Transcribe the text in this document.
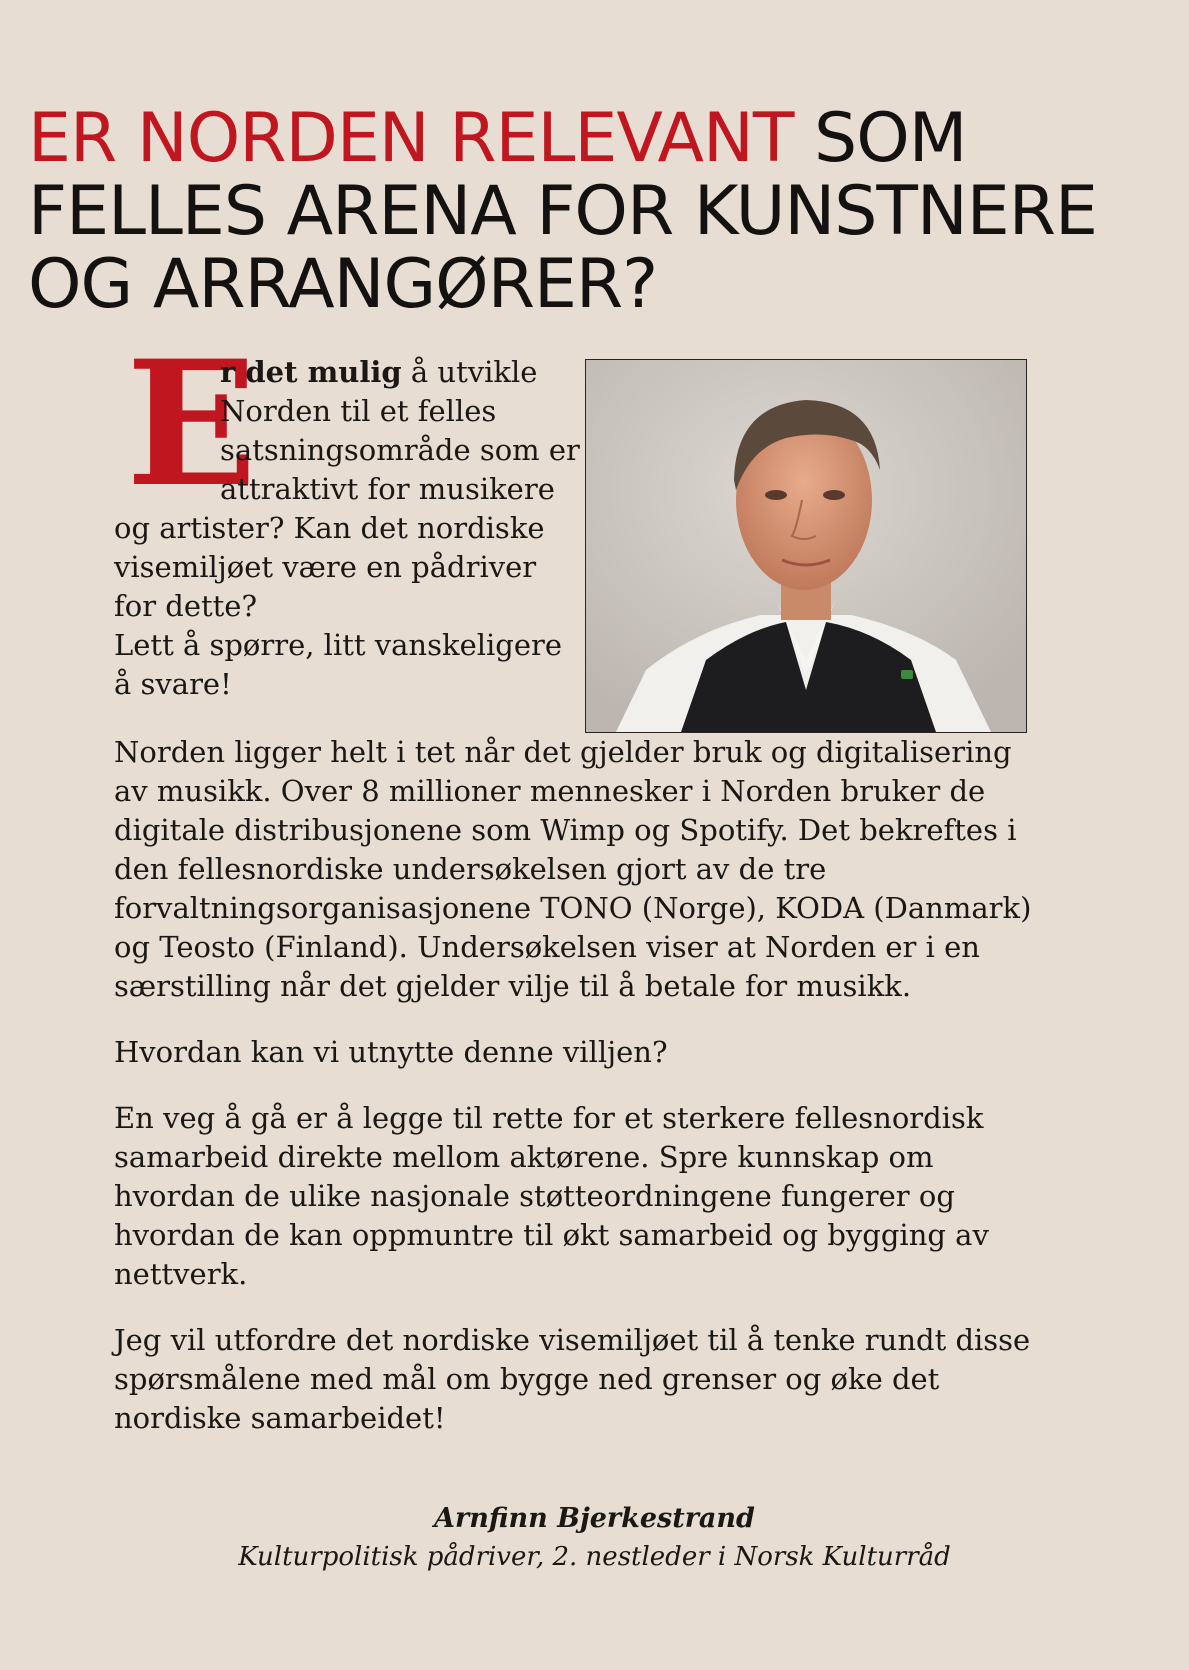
ER NORDEN RELEVANT SOM FELLES ARENA FOR KUNSTNERE OG ARRANGØRER?
E

r det mulig å utvikle Norden til et felles satsningsområde som er attraktivt for musikere og artister? Kan det nordiske visemiljøet være en pådriver for dette?

Lett å spørre, litt vanskeligere å svare!

Norden ligger helt i tet når det gjelder bruk og digitalisering av musikk. Over 8 millioner mennesker i Norden bruker de digitale distribusjonene som Wimp og Spotify. Det bekreftes i den fellesnordiske undersøkelsen gjort av de tre forvaltningsorganisasjonene TONO (Norge), KODA (Danmark) og Teosto (Finland). Undersøkelsen viser at Norden er i en særstilling når det gjelder vilje til å betale for musikk.

Hvordan kan vi utnytte denne villjen?

En veg å gå er å legge til rette for et sterkere fellesnordisk samarbeid direkte mellom aktørene. Spre kunnskap om hvordan de ulike nasjonale støtteordningene fungerer og hvordan de kan oppmuntre til økt samarbeid og bygging av nettverk.

Jeg vil utfordre det nordiske visemiljøet til å tenke rundt disse spørsmålene med mål om bygge ned grenser og øke det nordiske samarbeidet!

Arnfinn Bjerkestrand
Kulturpolitisk pådriver, 2. nestleder i Norsk Kulturråd
